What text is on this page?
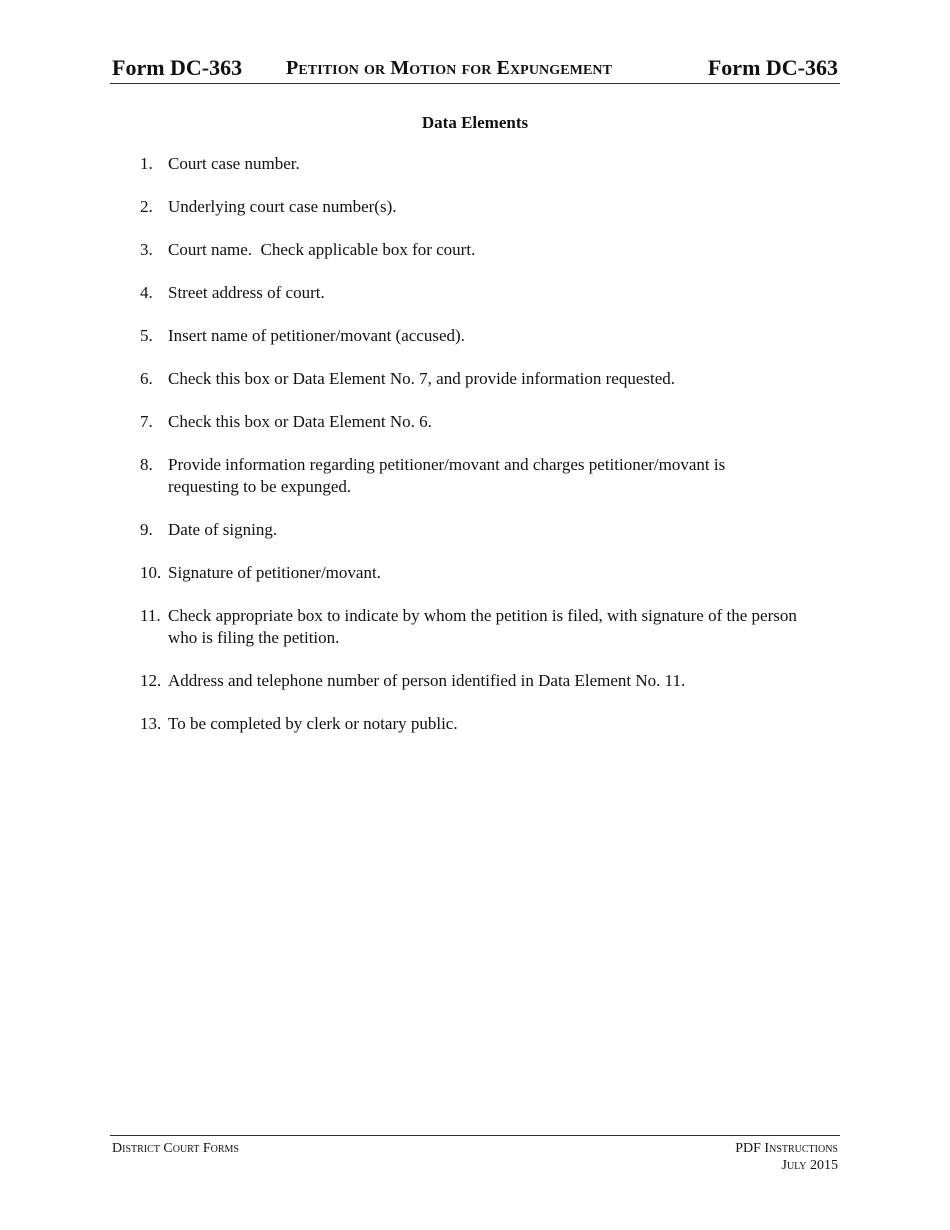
Form DC-363 Petition or Motion for Expungement	Form DC-363
Data Elements
1. Court case number.
2. Underlying court case number(s).
3. Court name.  Check applicable box for court.
4. Street address of court.
5. Insert name of petitioner/movant (accused).
6. Check this box or Data Element No. 7, and provide information requested.
7. Check this box or Data Element No. 6.
8. Provide information regarding petitioner/movant and charges petitioner/movant is requesting to be expunged.
9. Date of signing.
10. Signature of petitioner/movant.
11. Check appropriate box to indicate by whom the petition is filed, with signature of the person who is filing the petition.
12. Address and telephone number of person identified in Data Element No. 11.
13. To be completed by clerk or notary public.
District Court Forms	PDF Instructions
July 2015
